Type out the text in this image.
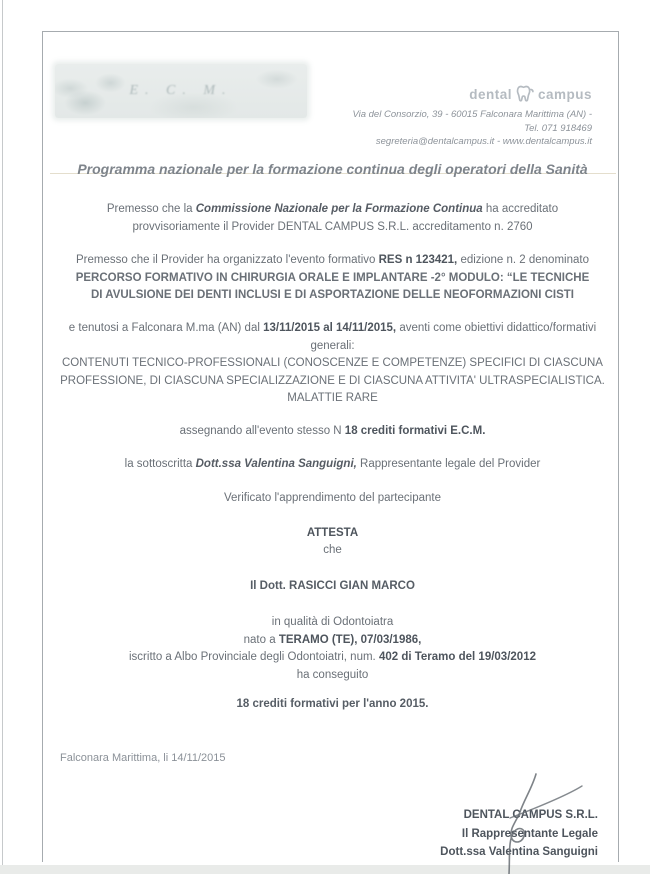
E. C. M.	dental campus
Via del Consorzio, 39 - 60015 Falconara Marittima (AN) -
Tel. 071 918469
segreteria@dentalcampus.it - www.dentalcampus.it
Programma nazionale per la formazione continua degli operatori della Sanità
Premesso che la Commissione Nazionale per la Formazione Continua ha accreditato provvisoriamente il Provider DENTAL CAMPUS S.R.L. accreditamento n. 2760
Premesso che il Provider ha organizzato l'evento formativo RES n 123421, edizione n. 2 denominato PERCORSO FORMATIVO IN CHIRURGIA ORALE E IMPLANTARE -2° MODULO: “LE TECNICHE DI AVULSIONE DEI DENTI INCLUSI E DI ASPORTAZIONE DELLE NEOFORMAZIONI CISTI
e tenutosi a Falconara M.ma (AN) dal 13/11/2015 al 14/11/2015, aventi come obiettivi didattico/formativi generali:
CONTENUTI TECNICO-PROFESSIONALI (CONOSCENZE E COMPETENZE) SPECIFICI DI CIASCUNA PROFESSIONE, DI CIASCUNA SPECIALIZZAZIONE E DI CIASCUNA ATTIVITA' ULTRASPECIALISTICA. MALATTIE RARE
assegnando all'evento stesso N 18 crediti formativi E.C.M.
la sottoscritta Dott.ssa Valentina Sanguigni, Rappresentante legale del Provider
Verificato l'apprendimento del partecipante
ATTESTA
che
Il Dott. RASICCI GIAN MARCO
in qualità di Odontoiatra
nato a TERAMO (TE), 07/03/1986,
iscritto a Albo Provinciale degli Odontoiatri, num. 402 di Teramo del 19/03/2012
ha conseguito
18 crediti formativi per l'anno 2015.
Falconara Marittima, li 14/11/2015
DENTAL CAMPUS S.R.L.
Il Rappresentante Legale
Dott.ssa Valentina Sanguigni
